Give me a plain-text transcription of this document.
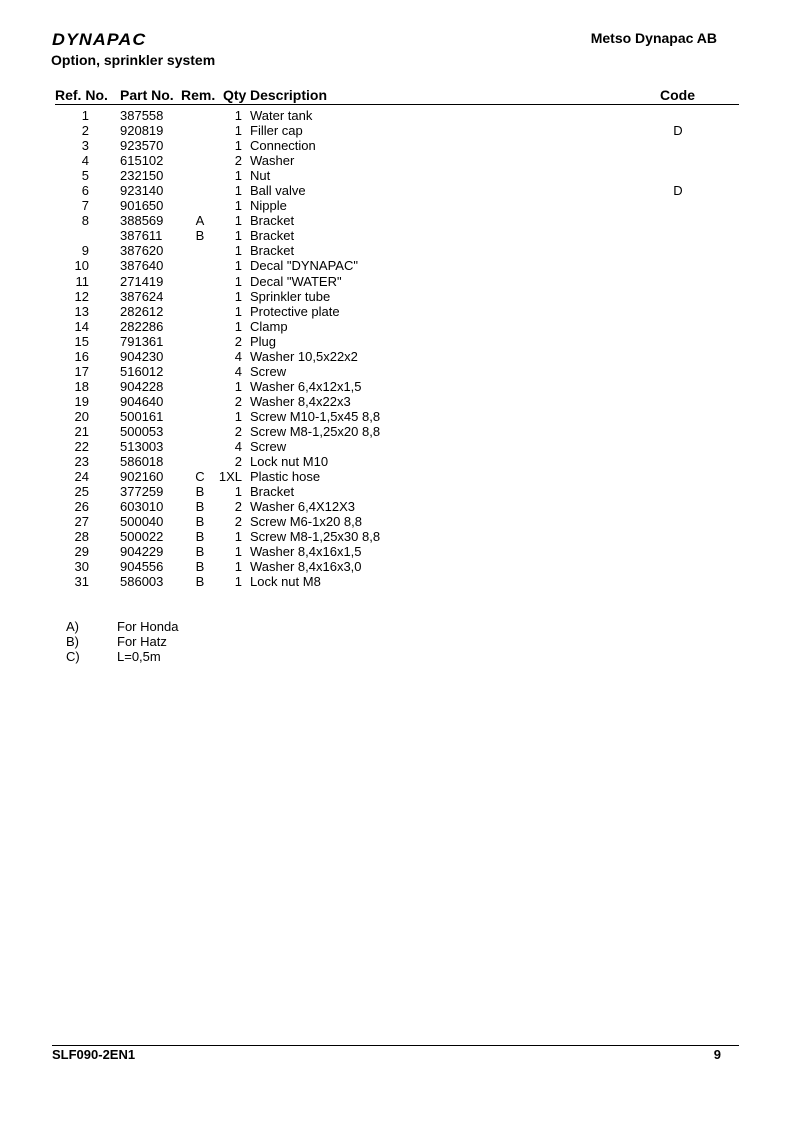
DYNAPAC	Metso Dynapac AB
Option, sprinkler system
Ref. No. Part No. Rem. Qty Description	Code
1 387558	1 Water tank
2 920819	1 Filler cap	D
3 923570	1 Connection
4 615102	2 Washer
5 232150	1 Nut
6 923140	1 Ball valve	D
7 901650	1 Nipple
8 388569 A	1 Bracket
387611	B	1 Bracket
9 387620	1 Bracket
10 387640	1 Decal "DYNAPAC"
11 271419	1 Decal "WATER"
12 387624	1 Sprinkler tube
13 282612	1 Protective plate
14 282286	1 Clamp
15 791361	2 Plug
16 904230	4 Washer 10,5x22x2
17 516012	4 Screw
18 904228	1 Washer 6,4x12x1,5
19 904640	2 Washer 8,4x22x3
20 500161	1 Screw M10-1,5x45 8,8
21 500053	2 Screw M8-1,25x20 8,8
22 513003	4 Screw
23 586018	2 Lock nut M10
24 902160 C 1XL Plastic hose
25 377259 B	1 Bracket
26 603010 B	2 Washer 6,4X12X3
27 500040 B	2 Screw M6-1x20 8,8
28 500022 B	1 Screw M8-1,25x30 8,8
29 904229 B	1 Washer 8,4x16x1,5
30 904556 B	1 Washer 8,4x16x3,0
31 586003 B	1 Lock nut M8
A)	For Honda
B)	For Hatz
C)	L=0,5m
SLF090-2EN1	9
